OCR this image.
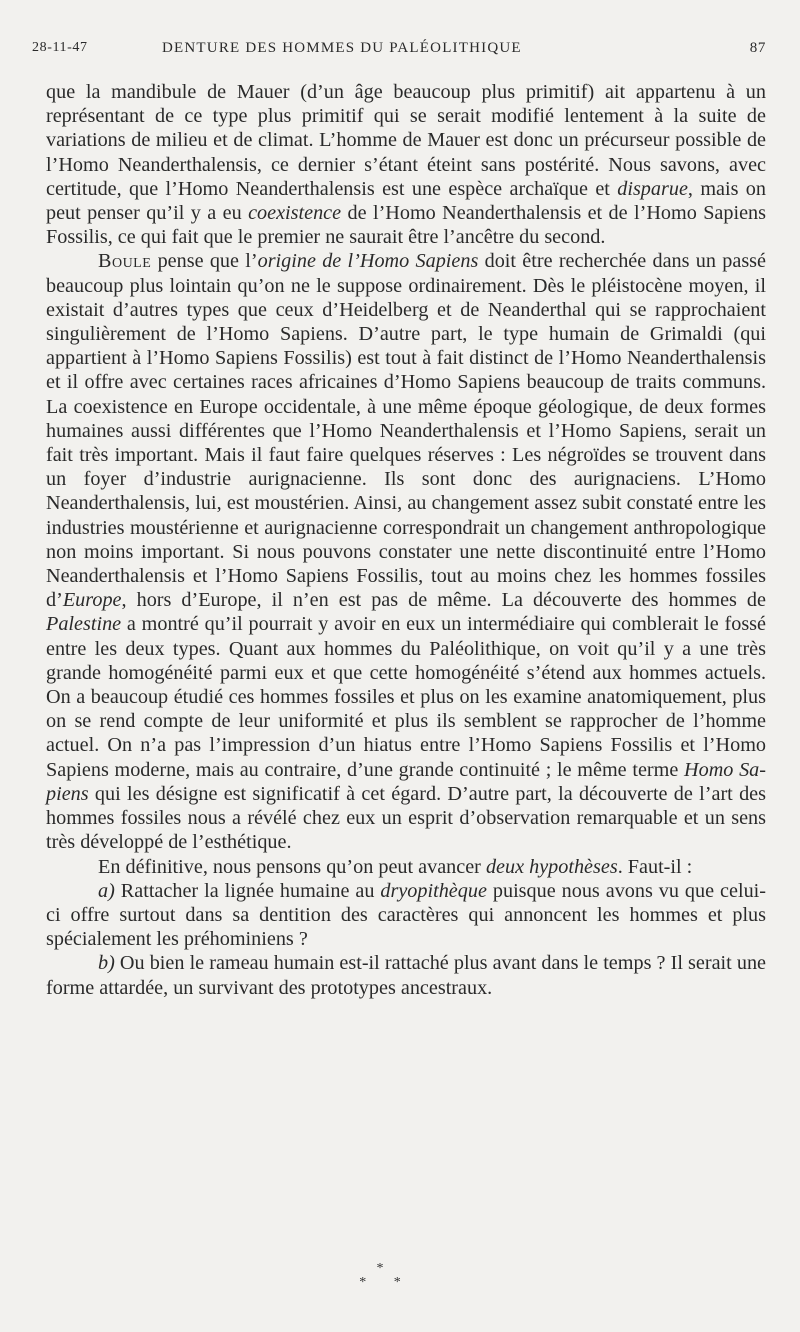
28-11-47	DENTURE DES HOMMES DU PALÉOLITHIQUE	87

que la mandibule de Mauer (d’un âge beaucoup plus primitif) ait appartenu à un représentant de ce type plus primitif qui se serait modifié lentement à la suite de variations de milieu et de climat. L’homme de Mauer est donc un précurseur possible de l’Homo Neanderthalensis, ce dernier s’étant éteint sans postérité. Nous savons, avec certitude, que l’Homo Neanderthalensis est une espèce archaïque et disparue, mais on peut penser qu’il y a eu coexistence de l’Homo Neanderthalensis et de l’Homo Sapiens Fossilis, ce qui fait que le premier ne saurait être l’ancêtre du second.

Boule pense que l’origine de l’Homo Sapiens doit être recherchée dans un passé beaucoup plus lointain qu’on ne le suppose ordinairement. Dès le pléistocène moyen, il existait d’autres types que ceux d’Heidelberg et de Neanderthal qui se rapprochaient singulièrement de l’Homo Sapiens. D’autre part, le type humain de Grimaldi (qui appartient à l’Homo Sapiens Fossilis) est tout à fait distinct de l’Homo Neanderthalensis et il offre avec certaines races africaines d’Homo Sapiens beaucoup de traits communs. La coexistence en Europe occidentale, à une même époque géologique, de deux formes humaines aussi différentes que l’Homo Neanderthalensis et l’Homo Sapiens, serait un fait très important. Mais il faut faire quelques réserves : Les négroïdes se trouvent dans un foyer d’industrie aurignacienne. Ils sont donc des aurignaciens. L’Homo Neanderthalensis, lui, est moustérien. Ainsi, au changement assez subit constaté entre les industries moustérienne et aurignacienne correspondrait un changement anthropologique non moins important. Si nous pouvons constater une nette discontinuité entre l’Homo Neanderthalensis et l’Homo Sapiens Fossilis, tout au moins chez les hommes fossiles d’Europe, hors d’Europe, il n’en est pas de même. La découverte des hommes de Palestine a montré qu’il pourrait y avoir en eux un intermédiaire qui comblerait le fossé entre les deux types. Quant aux hommes du Paléolithique, on voit qu’il y a une très grande homogénéité parmi eux et que cette homogénéité s’étend aux hommes actuels. On a beaucoup étudié ces hommes fossiles et plus on les examine anatomiquement, plus on se rend compte de leur uniformité et plus ils semblent se rapprocher de l’homme actuel. On n’a pas l’impression d’un hiatus entre l’Homo Sapiens Fossilis et l’Homo Sapiens moderne, mais au contraire, d’une grande continuité ; le même terme Homo Sapiens qui les désigne est significatif à cet égard. D’autre part, la découverte de l’art des hommes fossiles nous a révélé chez eux un esprit d’observation remarquable et un sens très développé de l’esthétique.

En définitive, nous pensons qu’on peut avancer deux hypothèses. Faut-il :

a) Rattacher la lignée humaine au dryopithèque puisque nous avons vu que celui-ci offre surtout dans sa dentition des caractères qui annoncent les hommes et plus spécialement les préhominiens ?

b) Ou bien le rameau humain est-il rattaché plus avant dans le temps ? Il serait une forme attardée, un survivant des prototypes ancestraux.

*
* *
